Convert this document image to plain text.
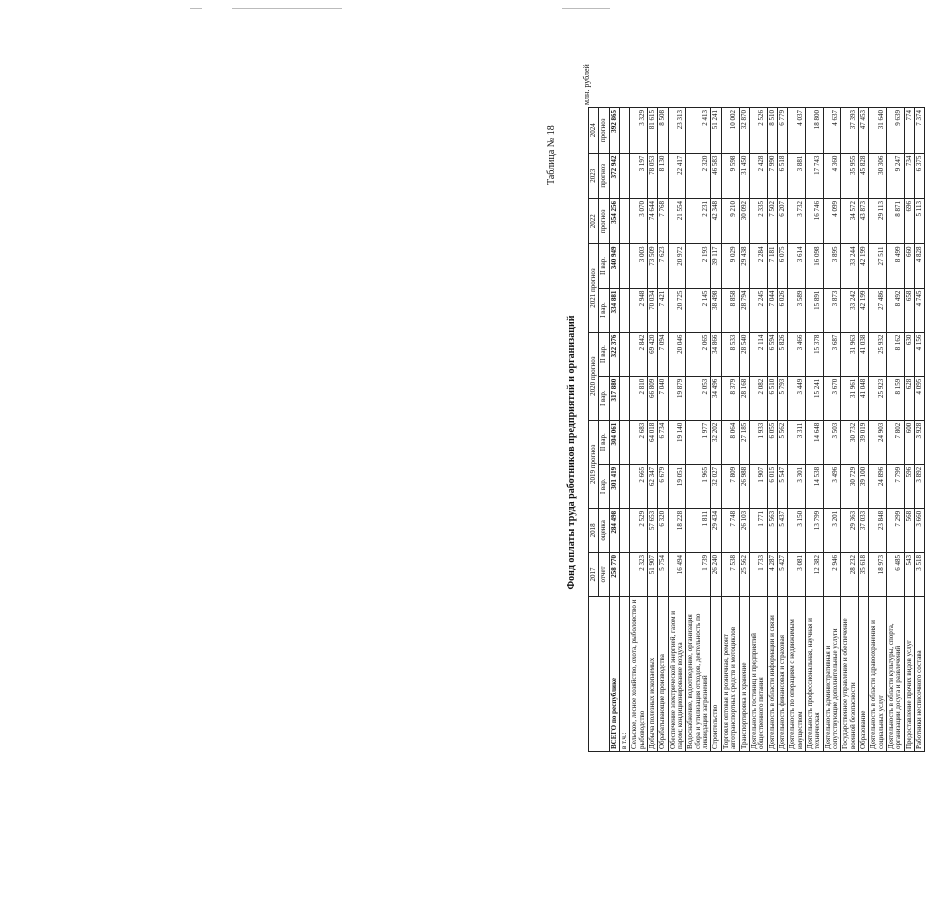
Таблица № 18
Фонд оплаты труда работников предприятий и организаций
млн. рублей
	2017	2018	2019 прогноз		2020 прогноз		2021 прогноз		2022	2023	2024
	отчет	оценка	I вар.	II вар.	I вар.	II вар.	I вар.	II вар.	прогноз	прогноз	прогноз
ВСЕГО по республике	258 770	284 498	301 419	304 061	317 880	322 376	334 881	340 949	354 256	372 942	392 865
в т.ч.:											
Сельское, лесное хозяйство, охота, рыболовство и рыбоводство	2 323	2 529	2 665	2 683	2 810	2 842	2 948	3 003	3 070	3 197	3 329
Добыча полезных ископаемых	51 907	57 653	62 347	64 018	66 809	69 420	70 034	73 509	74 644	78 053	81 615
Обрабатывающие производства	5 754	6 320	6 679	6 734	7 040	7 094	7 421	7 623	7 768	8 130	8 508
Обеспечение электрической энергией, газом и паром; кондиционирование воздуха	16 494	18 228	19 051	19 140	19 879	20 046	20 725	20 972	21 554	22 417	23 313
Водоснабжение, водоотведение, организация сбора и утилизация отходов, деятельность по ликвидации загрязнений	1 739	1 811	1 965	1 977	2 053	2 065	2 145	2 193	2 231	2 320	2 413
Строительство	26 240	29 434	32 027	32 202	34 496	34 866	38 498	39 117	42 348	46 583	51 241
Торговля оптовая и розничная, ремонт автотранспортных средств и мотоциклов	7 538	7 748	7 809	8 064	8 379	8 533	8 858	9 029	9 210	9 598	10 002
Транспортировка и хранение	25 562	26 103	26 988	27 185	28 168	28 540	28 794	29 438	30 092	31 450	32 870
Деятельность гостиниц и предприятий общественного питания	1 733	1 771	1 907	1 933	2 082	2 114	2 245	2 284	2 335	2 428	2 526
Деятельность в области информации и связи	4 287	5 563	6 015	6 055	6 510	6 594	7 044	7 181	7 502	7 990	8 510
Деятельность финансовая и страховая	5 427	5 437	5 547	5 562	5 793	5 826	6 026	6 075	6 207	6 518	6 779
Деятельность по операциям с недвижимым имуществом	3 081	3 150	3 301	3 311	3 449	3 466	3 589	3 614	3 732	3 881	4 037
Деятельность профессиональная, научная и техническая	12 382	13 799	14 538	14 648	15 241	15 378	15 891	16 098	16 746	17 743	18 800
Деятельность административная и сопутствующие дополнительные услуги	2 946	3 201	3 496	3 503	3 670	3 687	3 873	3 895	4 099	4 360	4 637
Государственное управление и обеспечение военной безопасности	28 232	29 363	30 729	30 732	31 961	31 963	33 242	33 244	34 572	35 955	37 393
Образование	35 618	37 033	39 100	39 019	41 048	41 038	42 199	42 199	43 873	45 828	47 453
Деятельность в области здравоохранения и социальных услуг	18 973	23 848	24 896	24 903	25 923	25 932	27 486	27 511	29 113	30 306	31 640
Деятельность в области культуры, спорта, организации досуга и развлечений	6 485	7 299	7 799	7 802	8 159	8 162	8 492	8 499	8 871	9 247	9 639
Предоставление прочих видов услуг	543	568	596	600	628	630	658	660	696	734	774
Работники несписочного состава	3 518	3 660	3 892	3 928	4 095	4 156	4 745	4 828	5 113	6 375	7 374
